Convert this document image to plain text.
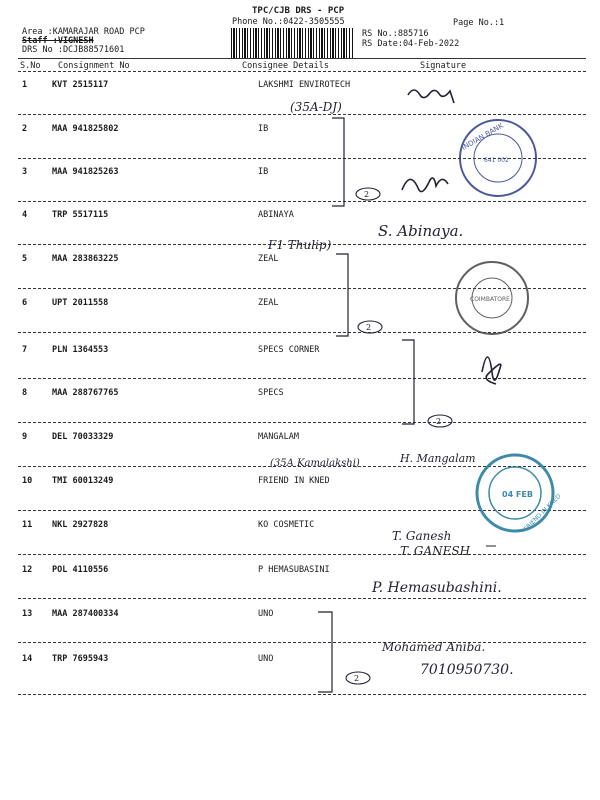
TPC/CJB DRS - PCP
Phone No.:0422-3505555
Area :KAMARAJAR ROAD PCP
Staff :VIGNESH
DRS No :DCJB88571601
RS No.:885716
RS Date:04-Feb-2022
Page No.:1
S.No Consignment No	Consignee Details	Signature
1	KVT 2515117	LAKSHMI ENVIROTECH
2	MAA 941825802	IB
3	MAA 941825263	IB
4	TRP 5517115	ABINAYA
5	MAA 283863225	ZEAL
6	UPT 2011558	ZEAL
7	PLN 1364553	SPECS CORNER
8	MAA 288767765	SPECS
9	DEL 70033329	MANGALAM
10 TMI 60013249	FRIEND IN KNED
11 NKL 2927828	KO COSMETIC
12 POL 4110556	P HEMASUBASINI
13 MAA 287400334	UNO
14 TRP 7695943	UNO
(35A-DJ)
S. Abinaya.
F1 Thulip)
(35A Kamalakshi)	H. Mangalam
T. Ganesh
T. GANESH
P. Hemasubashini.
Mohamed Aniba.
7010950730.
2
2
2
2
INDIAN BANK
641 002
COIMBATORE
04 FEB
FRIEND IN KNED
